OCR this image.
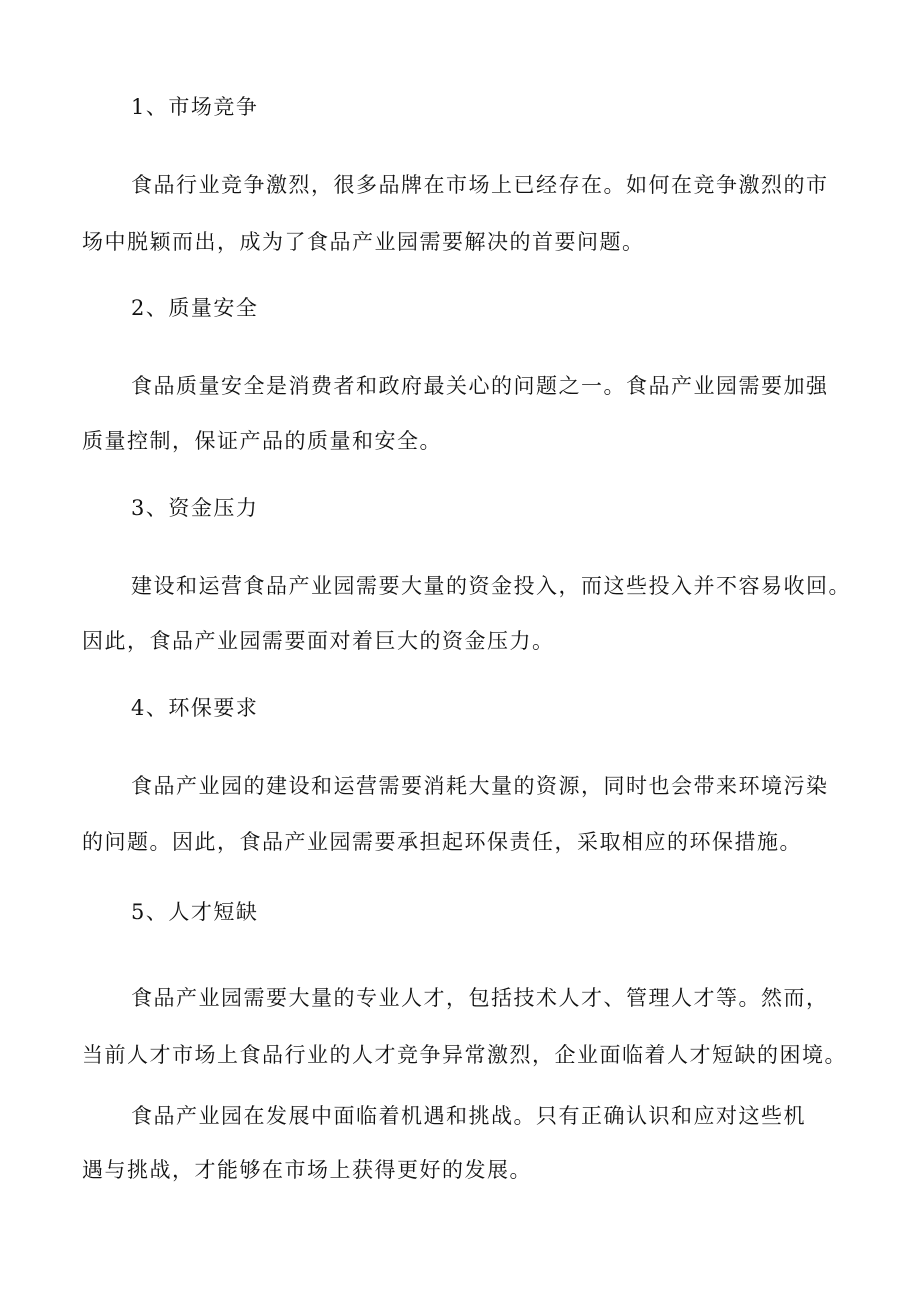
1、市场竞争
食品行业竞争激烈，很多品牌在市场上已经存在。如何在竞争激烈的市
场中脱颖而出，成为了食品产业园需要解决的首要问题。
2、质量安全
食品质量安全是消费者和政府最关心的问题之一。食品产业园需要加强
质量控制，保证产品的质量和安全。
3、资金压力
建设和运营食品产业园需要大量的资金投入，而这些投入并不容易收回。
因此，食品产业园需要面对着巨大的资金压力。
4、环保要求
食品产业园的建设和运营需要消耗大量的资源，同时也会带来环境污染
的问题。因此，食品产业园需要承担起环保责任，采取相应的环保措施。
5、人才短缺
食品产业园需要大量的专业人才，包括技术人才、管理人才等。然而，
当前人才市场上食品行业的人才竞争异常激烈，企业面临着人才短缺的困境。
食品产业园在发展中面临着机遇和挑战。只有正确认识和应对这些机
遇与挑战，才能够在市场上获得更好的发展。
